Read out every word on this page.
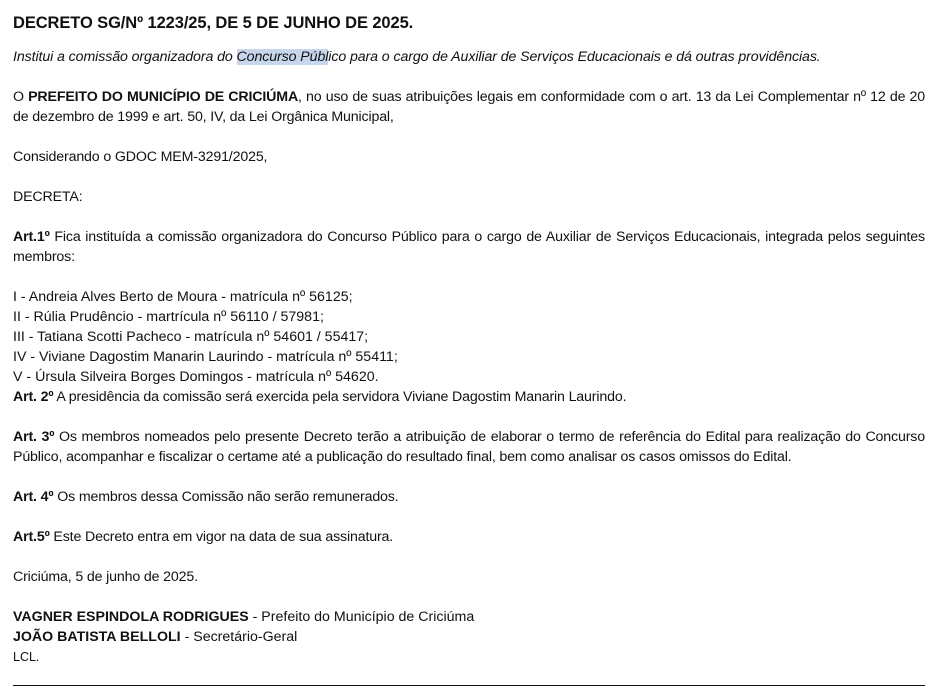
DECRETO SG/Nº 1223/25, DE 5 DE JUNHO DE 2025.
Institui a comissão organizadora do Concurso Público para o cargo de Auxiliar de Serviços Educacionais e dá outras providências.

O PREFEITO DO MUNICÍPIO DE CRICIÚMA, no uso de suas atribuições legais em conformidade com o art. 13 da Lei Complementar nº 12 de 20 de dezembro de 1999 e art. 50, IV, da Lei Orgânica Municipal,

Considerando o GDOC MEM-3291/2025,

DECRETA:

Art.1º Fica instituída a comissão organizadora do Concurso Público para o cargo de Auxiliar de Serviços Educacionais, integrada pelos seguintes membros:

I - Andreia Alves Berto de Moura - matrícula nº 56125;
II - Rúlia Prudêncio - martrícula nº 56110 / 57981;
III - Tatiana Scotti Pacheco - matrícula nº 54601 / 55417;
IV - Viviane Dagostim Manarin Laurindo - matrícula nº 55411;
V - Úrsula Silveira Borges Domingos - matrícula nº 54620.

Art. 2º A presidência da comissão será exercida pela servidora Viviane Dagostim Manarin Laurindo.

Art. 3º Os membros nomeados pelo presente Decreto terão a atribuição de elaborar o termo de referência do Edital para realização do Concurso Público, acompanhar e fiscalizar o certame até a publicação do resultado final, bem como analisar os casos omissos do Edital.

Art. 4º Os membros dessa Comissão não serão remunerados.

Art.5º Este Decreto entra em vigor na data de sua assinatura.

Criciúma, 5 de junho de 2025.

VAGNER ESPINDOLA RODRIGUES - Prefeito do Município de Criciúma
JOÃO BATISTA BELLOLI - Secretário-Geral
LCL.
